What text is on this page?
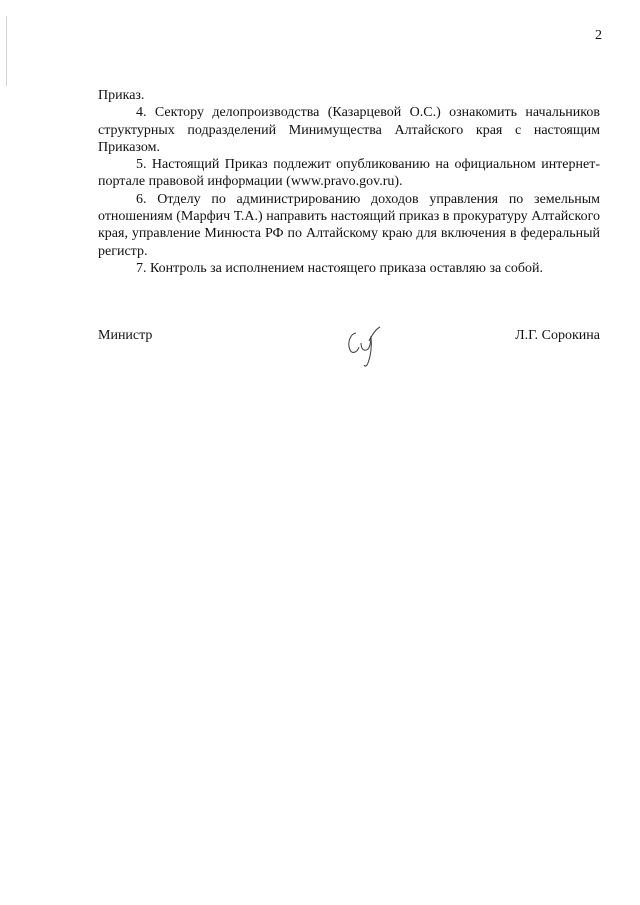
2

Приказ.

4. Сектору делопроизводства (Казарцевой О.С.) ознакомить начальников структурных подразделений Минимущества Алтайского края с настоящим Приказом.

5. Настоящий Приказ подлежит опубликованию на официальном интернет-портале правовой информации (www.pravo.gov.ru).

6. Отделу по администрированию доходов управления по земельным отношениям (Марфич Т.А.) направить настоящий приказ в прокуратуру Алтайского края, управление Минюста РФ по Алтайскому краю для включения в федеральный регистр.

7. Контроль за исполнением настоящего приказа оставляю за собой.

Министр	Л.Г. Сорокина
